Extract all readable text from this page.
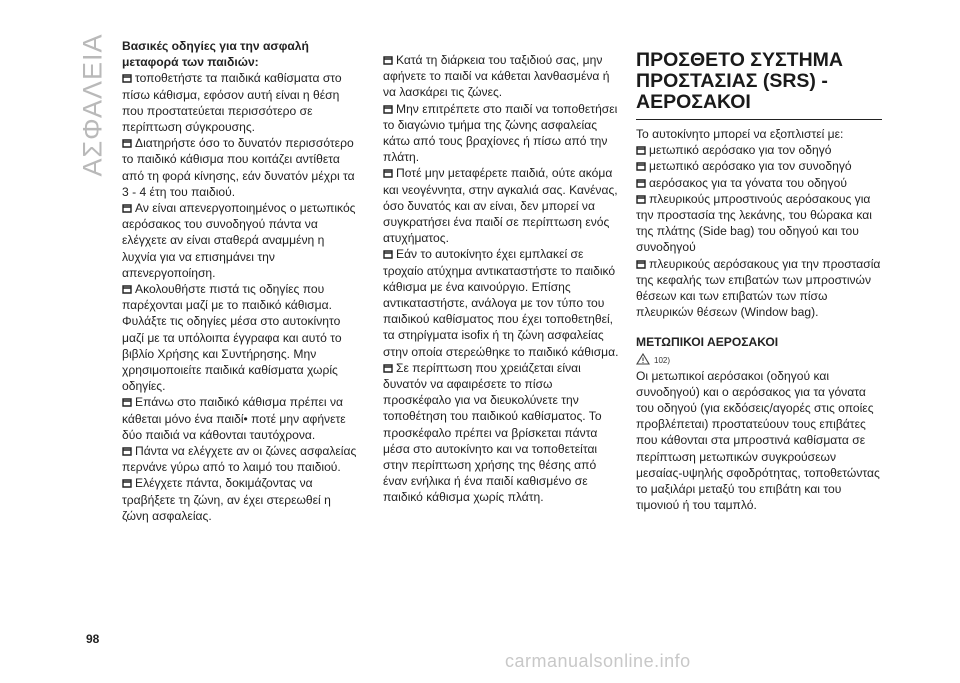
ΑΣΦΑΛΕΙΑ Βασικές οδηγίες για την ασφαλή μεταφορά των παιδιών:
τοποθετήστε τα παιδικά καθίσματα στο πίσω κάθισμα, εφόσον αυτή είναι η θέση που προστατεύεται περισσότερο σε περίπτωση σύγκρουσης.
Διατηρήστε όσο το δυνατόν περισσότερο το παιδικό κάθισμα που κοιτάζει αντίθετα από τη φορά κίνησης, εάν δυνατόν μέχρι τα 3 - 4 έτη του παιδιού.
Αν είναι απενεργοποιημένος ο μετωπικός αερόσακος του συνοδηγού πάντα να ελέγχετε αν είναι σταθερά αναμμένη η λυχνία για να επισημάνει την απενεργοποίηση.
Ακολουθήστε πιστά τις οδηγίες που παρέχονται μαζί με το παιδικό κάθισμα. Φυλάξτε τις οδηγίες μέσα στο αυτοκίνητο μαζί με τα υπόλοιπα έγγραφα και αυτό το βιβλίο Χρήσης και Συντήρησης. Μην χρησιμοποιείτε παιδικά καθίσματα χωρίς οδηγίες.
Επάνω στο παιδικό κάθισμα πρέπει να κάθεται μόνο ένα παιδί• ποτέ μην αφήνετε δύο παιδιά να κάθονται ταυτόχρονα.
Πάντα να ελέγχετε αν οι ζώνες ασφαλείας περνάνε γύρω από το λαιμό του παιδιού.
Ελέγχετε πάντα, δοκιμάζοντας να τραβήξετε τη ζώνη, αν έχει στερεωθεί η ζώνη ασφαλείας.
Κατά τη διάρκεια του ταξιδιού σας, μην αφήνετε το παιδί να κάθεται λανθασμένα ή να λασκάρει τις ζώνες.
Μην επιτρέπετε στο παιδί να τοποθετήσει το διαγώνιο τμήμα της ζώνης ασφαλείας κάτω από τους βραχίονες ή πίσω από την πλάτη.
Ποτέ μην μεταφέρετε παιδιά, ούτε ακόμα και νεογέννητα, στην αγκαλιά σας. Κανένας, όσο δυνατός και αν είναι, δεν μπορεί να συγκρατήσει ένα παιδί σε περίπτωση ενός ατυχήματος.
Εάν το αυτοκίνητο έχει εμπλακεί σε τροχαίο ατύχημα αντικαταστήστε το παιδικό κάθισμα με ένα καινούργιο. Επίσης αντικαταστήστε, ανάλογα με τον τύπο του παιδικού καθίσματος που έχει τοποθετηθεί, τα στηρίγματα isofix ή τη ζώνη ασφαλείας στην οποία στερεώθηκε το παιδικό κάθισμα.
Σε περίπτωση που χρειάζεται είναι δυνατόν να αφαιρέσετε το πίσω προσκέφαλο για να διευκολύνετε την τοποθέτηση του παιδικού καθίσματος. Το προσκέφαλο πρέπει να βρίσκεται πάντα μέσα στο αυτοκίνητο και να τοποθετείται στην περίπτωση χρήσης της θέσης από έναν ενήλικα ή ένα παιδί καθισμένο σε παιδικό κάθισμα χωρίς πλάτη.
ΠΡΟΣΘΕΤΟ ΣΥΣΤΗΜΑ ΠΡΟΣΤΑΣΙΑΣ (SRS) - ΑΕΡΟΣΑΚΟΙ
Το αυτοκίνητο μπορεί να εξοπλιστεί με:
μετωπικό αερόσακο για τον οδηγό
μετωπικό αερόσακο για τον συνοδηγό
αερόσακος για τα γόνατα του οδηγού
πλευρικούς μπροστινούς αερόσακους για την προστασία της λεκάνης, του θώρακα και της πλάτης (Side bag) του οδηγού και του συνοδηγού
πλευρικούς αερόσακους για την προστασία της κεφαλής των επιβατών των μπροστινών θέσεων και των επιβατών των πίσω πλευρικών θέσεων (Window bag).
ΜΕΤΩΠΙΚΟΙ ΑΕΡΟΣΑΚΟΙ
102)
Οι μετωπικοί αερόσακοι (οδηγού και συνοδηγού) και ο αερόσακος για τα γόνατα του οδηγού (για εκδόσεις/αγορές στις οποίες προβλέπεται) προστατεύουν τους επιβάτες που κάθονται στα μπροστινά καθίσματα σε περίπτωση μετωπικών συγκρούσεων μεσαίας-υψηλής σφοδρότητας, τοποθετώντας το μαξιλάρι μεταξύ του επιβάτη και του τιμονιού ή του ταμπλό.
98
carmanualsonline.info
